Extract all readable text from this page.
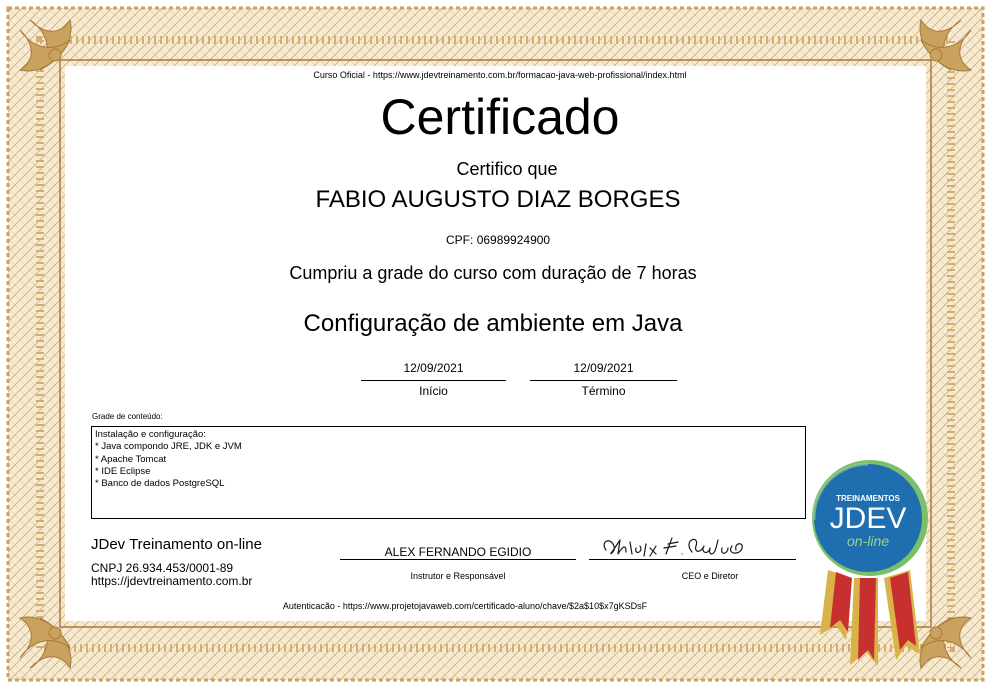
Curso Oficial - https://www.jdevtreinamento.com.br/formacao-java-web-profissional/index.html
Certificado
Certifico que
FABIO AUGUSTO DIAZ BORGES
CPF: 06989924900
Cumpriu a grade do curso com duração de 7 horas
Configuração de ambiente em Java
12/09/2021
Início
12/09/2021
Término
Grade de conteúdo:
Instalação e configuração:
* Java compondo JRE, JDK e JVM
* Apache Tomcat
* IDE Eclipse
* Banco de dados PostgreSQL
JDev Treinamento on-line
CNPJ 26.934.453/0001-89
https://jdevtreinamento.com.br
ALEX FERNANDO EGIDIO
Instrutor e Responsável	CEO e Diretor
Autenticacão - https://www.projetojavaweb.com/certificado-aluno/chave/$2a$10$x7gKSDsF
TREINAMENTOS
JDEV
on-line
